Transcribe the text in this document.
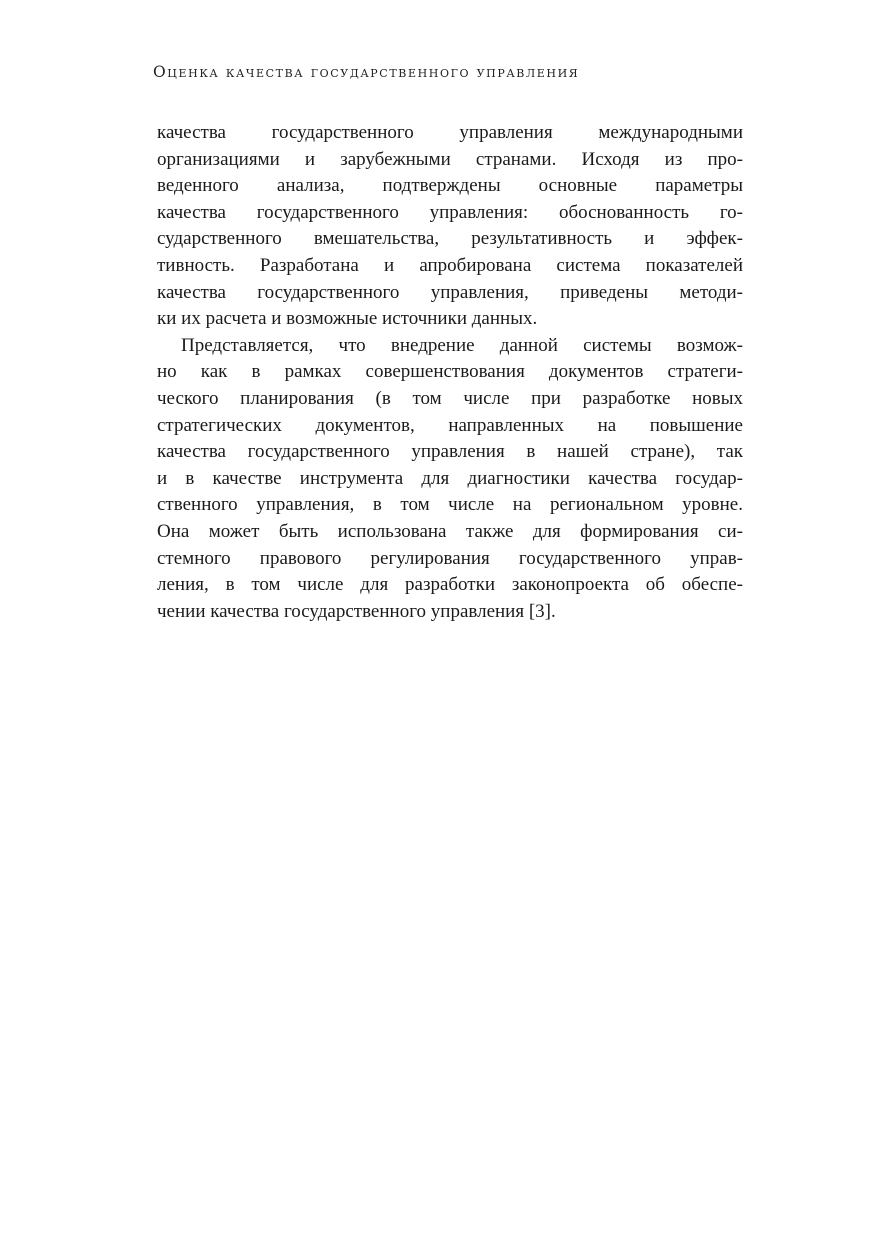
Оценка качества государственного управления
качества государственного управления международными
организациями и зарубежными странами. Исходя из про-
веденного анализа, подтверждены основные параметры
качества государственного управления: обоснованность го-
сударственного вмешательства, результативность и эффек-
тивность. Разработана и апробирована система показателей
качества государственного управления, приведены методи-
ки их расчета и возможные источники данных.
Представляется, что внедрение данной системы возмож-
но как в рамках совершенствования документов стратеги-
ческого планирования (в том числе при разработке новых
стратегических документов, направленных на повышение
качества государственного управления в нашей стране), так
и в качестве инструмента для диагностики качества государ-
ственного управления, в том числе на региональном уровне.
Она может быть использована также для формирования си-
стемного правового регулирования государственного управ-
ления, в том числе для разработки законопроекта об обеспе-
чении качества государственного управления [3].
